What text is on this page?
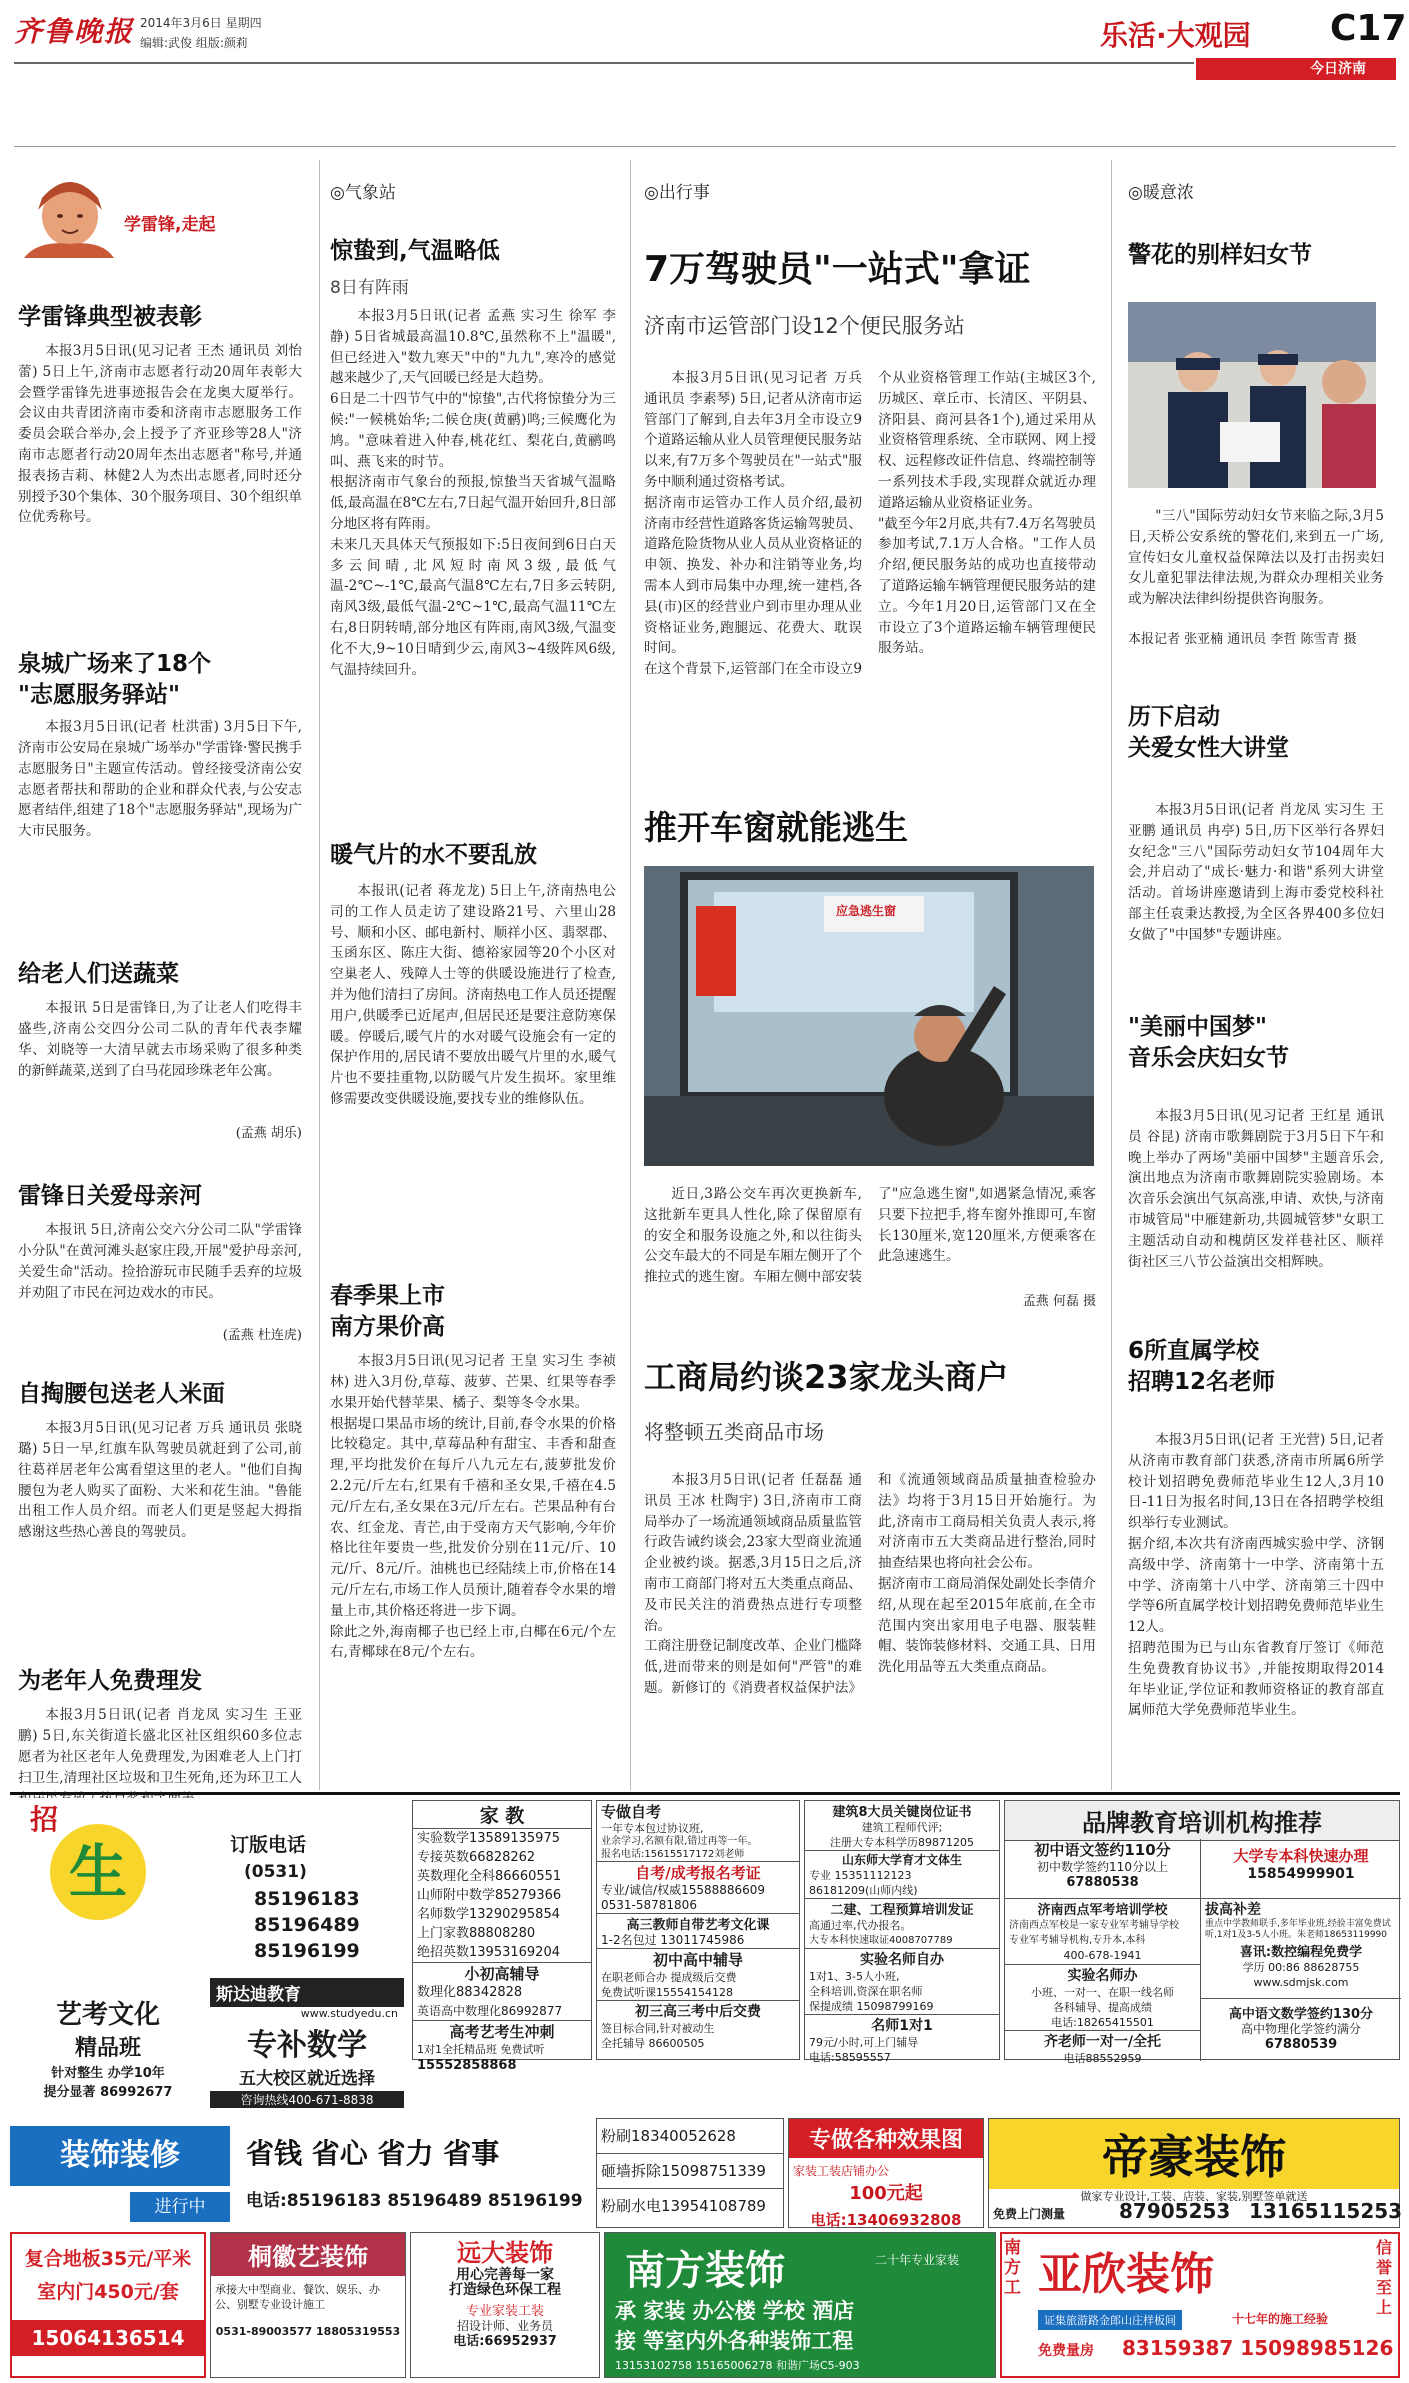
齐鲁晚报 2014年3月6日 星期四
编辑:武俊 组版:颜莉	乐活·大观园 C17
今日济南
学雷锋,走起
学雷锋典型被表彰
本报3月5日讯(见习记者 王杰 通讯员 刘怡蕾) 5日上午,济南市志愿者行动20周年表彰大会暨学雷锋先进事迹报告会在龙奥大厦举行。会议由共青团济南市委和济南市志愿服务工作委员会联合举办,会上授予了齐亚珍等28人"济南市志愿者行动20周年杰出志愿者"称号,并通报表扬吉莉、林健2人为杰出志愿者,同时还分别授予30个集体、30个服务项目、30个组织单位优秀称号。
泉城广场来了18个
"志愿服务驿站"
本报3月5日讯(记者 杜洪雷) 3月5日下午,济南市公安局在泉城广场举办"学雷锋·警民携手志愿服务日"主题宣传活动。曾经接受济南公安志愿者帮扶和帮助的企业和群众代表,与公安志愿者结伴,组建了18个"志愿服务驿站",现场为广大市民服务。
给老人们送蔬菜
本报讯 5日是雷锋日,为了让老人们吃得丰盛些,济南公交四分公司二队的青年代表李耀华、刘晓等一大清早就去市场采购了很多种类的新鲜蔬菜,送到了白马花园珍珠老年公寓。
(孟燕 胡乐)
雷锋日关爱母亲河
本报讯 5日,济南公交六分公司二队"学雷锋小分队"在黄河滩头赵家庄段,开展"爱护母亲河,关爱生命"活动。捡拾游玩市民随手丢弃的垃圾并劝阻了市民在河边戏水的市民。
(孟燕 杜连虎)
自掏腰包送老人米面
本报3月5日讯(见习记者 万兵 通讯员 张晓璐) 5日一早,红旗车队驾驶员就赶到了公司,前往葛祥居老年公寓看望这里的老人。"他们自掏腰包为老人购买了面粉、大米和花生油。"鲁能出租工作人员介绍。而老人们更是竖起大拇指感谢这些热心善良的驾驶员。
为老年人免费理发
本报3月5日讯(记者 肖龙凤 实习生 王亚鹏) 5日,东关街道长盛北区社区组织60多位志愿者为社区老年人免费理发,为困难老人上门打扫卫生,清理社区垃圾和卫生死角,还为环卫工人
◎气象站
惊蛰到,气温略低
8日有阵雨
本报3月5日讯(记者 孟燕 实习生 徐军 李静) 5日省城最高温10.8℃,虽然称不上"温暖",但已经进入"数九寒天"中的"九九",寒冷的感觉越来越少了,天气回暖已经是大趋势。
6日是二十四节气中的"惊蛰",古代将惊蛰分为三候:"一候桃始华;二候仓庚(黄鹂)鸣;三候鹰化为鸠。"意味着进入仲春,桃花红、梨花白,黄鹂鸣叫、燕飞来的时节。
根据济南市气象台的预报,惊蛰当天省城气温略低,最高温在8℃左右,7日起气温开始回升,8日部分地区将有阵雨。
未来几天具体天气预报如下:5日夜间到6日白天多云间晴,北风短时南风3级,最低气温-2℃~-1℃,最高气温8℃左右,7日多云转阴,南风3级,最低气温-2℃~1℃,最高气温11℃左右,8日阴转晴,部分地区有阵雨,南风3级,气温变化不大,9~10日晴到少云,南风3~4级阵风6级,气温持续回升。
暖气片的水不要乱放
本报讯(记者 蒋龙龙) 5日上午,济南热电公司的工作人员走访了建设路21号、六里山28号、顺和小区、邮电新村、顺祥小区、翡翠郡、玉函东区、陈庄大街、德裕家园等20个小区对空巢老人、残障人士等的供暖设施进行了检查,并为他们清扫了房间。济南热电工作人员还提醒用户,供暖季已近尾声,但居民还是要注意防寒保暖。停暖后,暖气片的水对暖气设施会有一定的保护作用的,居民请不要放出暖气片里的水,暖气片也不要挂重物,以防暖气片发生损坏。家里维修需要改变供暖设施,要找专业的维修队伍。
春季果上市
南方果价高
本报3月5日讯(见习记者 王皇 实习生 李祯林) 进入3月份,草莓、菠萝、芒果、红果等春季水果开始代替苹果、橘子、梨等冬令水果。
根据堤口果品市场的统计,目前,春令水果的价格比较稳定。其中,草莓品种有甜宝、丰香和甜查理,平均批发价在每斤八九元左右,菠萝批发价2.2元/斤左右,红果有千禧和圣女果,千禧在4.5元/斤左右,圣女果在3元/斤左右。芒果品种有台农、红金龙、青芒,由于受南方天气影响,今年价格比往年要贵一些,批发价分别在11元/斤、10元/斤、8元/斤。油桃也已经陆续上市,价格在14元/斤左右,市场工作人员预计,随着春令水果的增量上市,其价格还将进一步下调。
除此之外,海南椰子也已经上市,白椰在6元/个左右,青椰球在8元/个左右。
◎出行事
7万驾驶员"一站式"拿证
济南市运管部门设12个便民服务站
本报3月5日讯(见习记者 万兵 通讯员 李素琴) 5日,记者从济南市运管部门了解到,自去年3月全市设立9个道路运输从业人员管理便民服务站以来,有7万多个驾驶员在"一站式"服务中顺利通过资格考试。
据济南市运管办工作人员介绍,最初济南市经营性道路客货运输驾驶员、道路危险货物从业人员从业资格证的申领、换发、补办和注销等业务,均需本人到市局集中办理,统一建档,各县(市)区的经营业户到市里办理从业资格证业务,跑腿远、花费大、耽误时间。
在这个背景下,运管部门在全市设立9个从业资格管理工作站(主城区3个,历城区、章丘市、长清区、平阴县、济阳县、商河县各1个),通过采用从业资格管理系统、全市联网、网上授权、远程修改证件信息、终端控制等一系列技术手段,实现群众就近办理道路运输从业资格证业务。
"截至今年2月底,共有7.4万名驾驶员参加考试,7.1万人合格。"工作人员介绍,便民服务站的成功也直接带动了道路运输车辆管理便民服务站的建立。今年1月20日,运管部门又在全市设立了3个道路运输车辆管理便民服务站。
推开车窗就能逃生
应急逃生窗
近日,3路公交车再次更换新车,这批新车更具人性化,除了保留原有的安全和服务设施之外,和以往街头公交车最大的不同是车厢左侧开了个推拉式的逃生窗。车厢左侧中部安装了"应急逃生窗",如遇紧急情况,乘客只要下拉把手,将车窗外推即可,车窗长130厘米,宽120厘米,方便乘客在此急速逃生。
孟燕 何磊 摄
工商局约谈23家龙头商户
将整顿五类商品市场
本报3月5日讯(记者 任磊磊 通讯员 王冰 杜陶宇) 3日,济南市工商局举办了一场流通领域商品质量监管行政告诫约谈会,23家大型商业流通企业被约谈。据悉,3月15日之后,济南市工商部门将对五大类重点商品、及市民关注的消费热点进行专项整治。
工商注册登记制度改革、企业门槛降低,进而带来的则是如何"严管"的难题。新修订的《消费者权益保护法》和《流通领域商品质量抽查检验办法》均将于3月15日开始施行。为此,济南市工商局相关负责人表示,将对济南市五大类商品进行整治,同时抽查结果也将向社会公布。
据济南市工商局消保处副处长李倩介绍,从现在起至2015年底前,在全市范围内突出家用电子电器、服装鞋帽、装饰装修材料、交通工具、日用洗化用品等五大类重点商品。
◎暖意浓
警花的别样妇女节
"三八"国际劳动妇女节来临之际,3月5日,天桥公安系统的警花们,来到五一广场,宣传妇女儿童权益保障法以及打击拐卖妇女儿童犯罪法律法规,为群众办理相关业务或为解决法律纠纷提供咨询服务。
本报记者 张亚楠 通讯员 李哲 陈雪青 摄
历下启动
关爱女性大讲堂
本报3月5日讯(记者 肖龙凤 实习生 王亚鹏 通讯员 冉亭) 5日,历下区举行各界妇女纪念"三八"国际劳动妇女节104周年大会,并启动了"成长·魅力·和谐"系列大讲堂活动。首场讲座邀请到上海市委党校科社部主任袁秉达教授,为全区各界400多位妇女做了"中国梦"专题讲座。
"美丽中国梦"
音乐会庆妇女节
本报3月5日讯(见习记者 王红星 通讯员 谷昆) 济南市歌舞剧院于3月5日下午和晚上举办了两场"美丽中国梦"主题音乐会,演出地点为济南市歌舞剧院实验剧场。本次音乐会演出气氛高涨,申请、欢快,与济南市城管局"中雁建新功,共圆城管梦"女职工主题活动自动和槐荫区发祥巷社区、顺祥街社区三八节公益演出交相辉映。
6所直属学校
招聘12名老师
本报3月5日讯(记者 王光营) 5日,记者从济南市教育部门获悉,济南市所属6所学校计划招聘免费师范毕业生12人,3月10日-11日为报名时间,13日在各招聘学校组织举行专业测试。
据介绍,本次共有济南西城实验中学、济钢高级中学、济南第十一中学、济南第十五中学、济南第十八中学、济南第三十四中学等6所直属学校计划招聘免费师范毕业生12人。
招聘范围为已与山东省教育厅签订《师范生免费教育协议书》,并能按期取得2014年毕业证,学位证和教师资格证的教育部直属师范大学免费师范毕业生。
招
生	订版电话
(0531)
85196183
85196489
85196199
艺考文化
精品班
针对整生 办学10年
提分显著 86992677
斯达迪教育
www.studyedu.cn
专补数学
五大校区就近选择
咨询热线400-671-8838
家 教
实验数学13589135975
专接英数66828262
英数理化全科86660551
山师附中数学85279366
名师数学13290295854
上门家教88808280
绝招英数13953169204
小初高辅导
数理化88342828
英语高中数理化86992877
高考艺考生冲刺
1对1全托精品班 免费试听
15552858868
专做自考
一年专本包过协议班,
业余学习,名额有限,错过再等一年。
报名电话:15615517172刘老师
自考/成考报名考证
专业/诚信/权威15588886609
0531-58781806
高三教师自带艺考文化课
1-2名包过 13011745986
初中高中辅导
在职老师合办 提成级后交费
免费试听课15554154128
初三高三考中后交费
签目标合同,针对被动生
全托辅导 86600505
建筑8大员关键岗位证书
建筑工程师代评;
注册大专本科学历89871205
山东师大学育才文体生
专业 15351112123
86181209(山师内线)
二建、工程预算培训发证
高通过率,代办报名。
大专本科快速取证4008707789
实验名师自办
1对1、3-5人小班,
全科培训,资深在职名师
保提成绩 15098799169
名师1对1
79元/小时,可上门辅导
电话:58595557
品牌教育培训机构推荐
初中语文签约110分
初中数学签约110分以上
67880538
大学专本科快速办理
15854999901
济南西点军考培训学校
济南西点军校是一家专业军考辅导学校
专业军考辅导机构,专升本,本科
400-678-1941
拔高补差
重点中学教师联手,多年毕业班,经验丰富免费试听,1对1及3-5人小班。朱老师18653119990
喜讯:数控编程免费学
学历 00:86 88628755
www.sdmjsk.com
实验名师办
小班、一对一、在职一线名师
各科辅导、提高成绩
电话:18265415501
齐老师一对一/全托
电话88552959
高中语文数学签约130分
高中物理化学签约满分
67880539
装饰装修
进行中
省钱 省心 省力 省事
电话:85196183 85196489 85196199
粉刷18340052628
砸墙拆除15098751339
粉刷水电13954108789
专做各种效果图
家装工装店铺办公
100元起
电话:13406932808
帝豪装饰
做家专业设计,工装、店装、家装,别墅签单就送
免费上门测量	87905253 13165115253
复合地板35元/平米
室内门450元/套
15064136514
桐徽艺装饰
承接大中型商业、餐饮、娱乐、办公、别墅专业设计施工
0531-89003577 18805319553
远大装饰
用心完善每一家
打造绿色环保工程
专业家装工装
招设计师、业务员
电话:66952937
南方装饰	二十年专业家装
承 家装 办公楼 学校 酒店
接 等室内外各种装饰工程
13153102758 15165006278 和谐广场C5-903
南方工 亚欣装饰
信誉至上
证集旅游路金郎山庄样板间	十七年的施工经验
免费量房 83159387 15098985126
